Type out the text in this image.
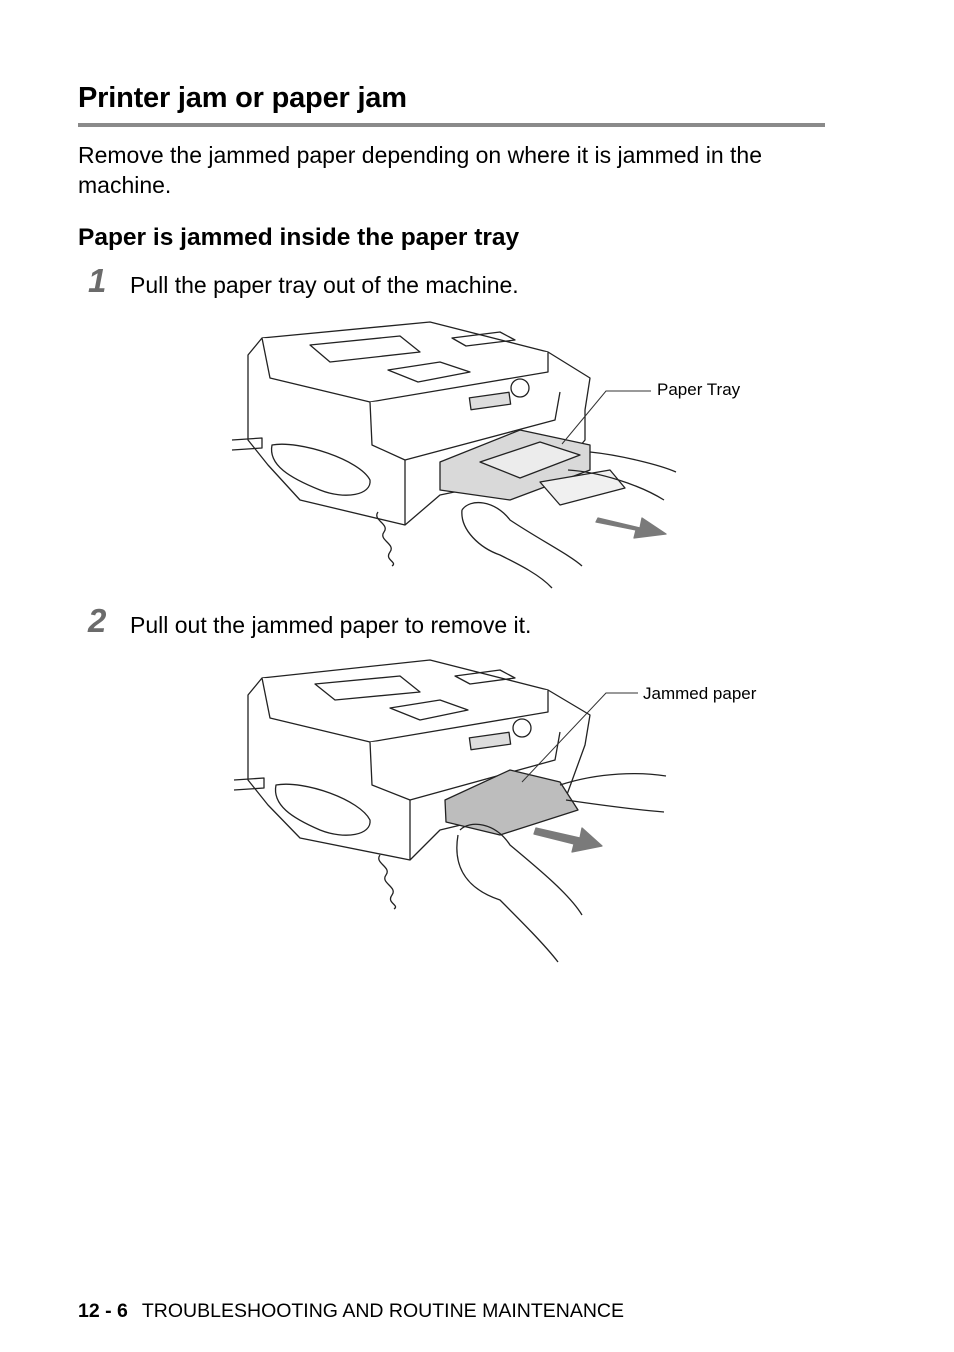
Printer jam or paper jam
Remove the jammed paper depending on where it is jammed in the machine.
Paper is jammed inside the paper tray
1 Pull the paper tray out of the machine.
Paper Tray
2 Pull out the jammed paper to remove it.
Jammed paper
12 - 6 TROUBLESHOOTING AND ROUTINE MAINTENANCE
